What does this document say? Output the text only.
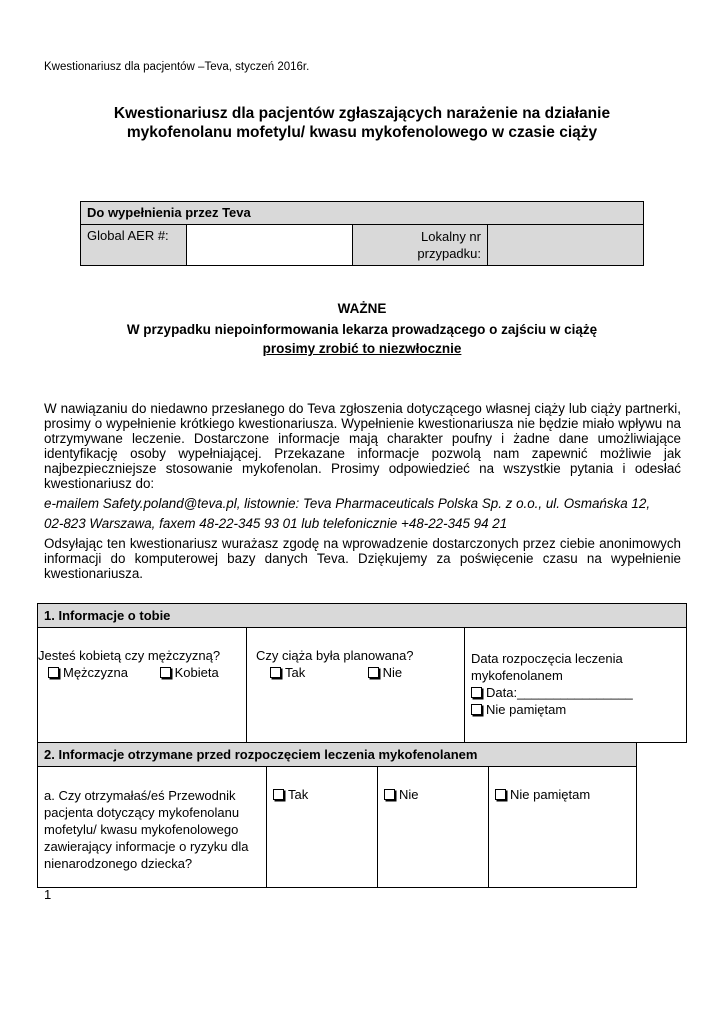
Kwestionariusz dla pacjentów –Teva, styczeń 2016r.
Kwestionariusz dla pacjentów zgłaszających narażenie na działanie
mykofenolanu mofetylu/ kwasu mykofenolowego w czasie ciąży
Do wypełnienia przez Teva
Global AER #:		Lokalny nr
przypadku:

WAŻNE
W przypadku niepoinformowania lekarza prowadzącego o zajściu w ciążę
prosimy zrobić to niezwłocznie
W nawiązaniu do niedawno przesłanego do Teva zgłoszenia dotyczącego własnej ciąży lub ciąży partnerki, prosimy o wypełnienie krótkiego kwestionariusza. Wypełnienie kwestionariusza nie będzie miało wpływu na otrzymywane leczenie. Dostarczone informacje mają charakter poufny i żadne dane umożliwiające identyfikację osoby wypełniającej. Przekazane informacje pozwolą nam zapewnić możliwie jak najbezpieczniejsze stosowanie mykofenolan. Prosimy odpowiedzieć na wszystkie pytania i odesłać kwestionariusz do:
e-mailem Safety.poland@teva.pl, listownie: Teva Pharmaceuticals Polska Sp. z o.o., ul. Osmańska 12,
02-823 Warszawa, faxem 48-22-345 93 01 lub telefonicznie +48-22-345 94 21
Odsyłając ten kwestionariusz wurażasz zgodę na wprowadzenie dostarczonych przez ciebie anonimowych informacji do komputerowej bazy danych Teva. Dziękujemy za poświęcenie czasu na wypełnienie kwestionariusza.
1. Informacje o tobie

Jesteś kobietą czy mężczyzną?
Mężczyzna	Kobieta

Czy ciąża była planowana?
Tak	Nie

Data rozpoczęcia leczenia
mykofenolanem
Data:________________
Nie pamiętam
2. Informacje otrzymane przed rozpoczęciem leczenia mykofenolanem
a. Czy otrzymałaś/eś Przewodnik pacjenta dotyczący mykofenolanu mofetylu/ kwasu mykofenolowego zawierający informacje o ryzyku dla nienarodzonego dziecka?	Tak	Nie	Nie pamiętam
1
